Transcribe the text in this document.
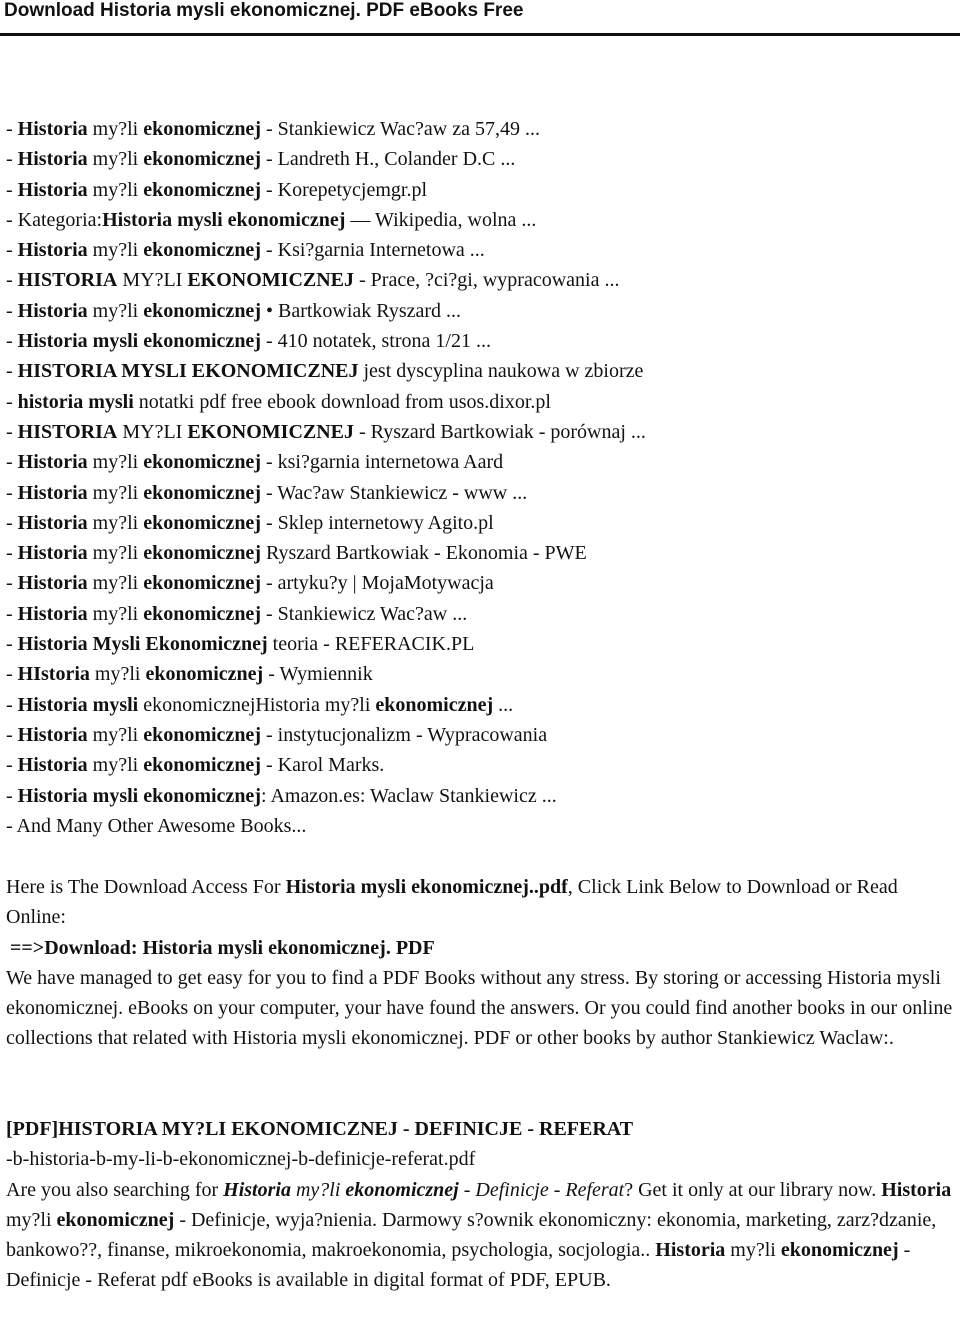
Download Historia mysli ekonomicznej. PDF eBooks Free
- Historia my?li ekonomicznej - Stankiewicz Wac?aw za 57,49 ...
- Historia my?li ekonomicznej - Landreth H., Colander D.C ...
- Historia my?li ekonomicznej - Korepetycjemgr.pl
- Kategoria:Historia mysli ekonomicznej — Wikipedia, wolna ...
- Historia my?li ekonomicznej - Ksi?garnia Internetowa ...
- HISTORIA MY?LI EKONOMICZNEJ - Prace, ?ci?gi, wypracowania ...
- Historia my?li ekonomicznej • Bartkowiak Ryszard ...
- Historia mysli ekonomicznej - 410 notatek, strona 1/21 ...
- HISTORIA MYSLI EKONOMICZNEJ jest dyscyplina naukowa w zbiorze
- historia mysli notatki pdf free ebook download from usos.dixor.pl
- HISTORIA MY?LI EKONOMICZNEJ - Ryszard Bartkowiak - porównaj ...
- Historia my?li ekonomicznej - ksi?garnia internetowa Aard
- Historia my?li ekonomicznej - Wac?aw Stankiewicz - www ...
- Historia my?li ekonomicznej - Sklep internetowy Agito.pl
- Historia my?li ekonomicznej Ryszard Bartkowiak - Ekonomia - PWE
- Historia my?li ekonomicznej - artyku?y | MojaMotywacja
- Historia my?li ekonomicznej - Stankiewicz Wac?aw ...
- Historia Mysli Ekonomicznej teoria - REFERACIK.PL
- HIstoria my?li ekonomicznej - Wymiennik
- Historia mysli ekonomicznejHistoria my?li ekonomicznej ...
- Historia my?li ekonomicznej - instytucjonalizm - Wypracowania
- Historia my?li ekonomicznej - Karol Marks.
- Historia mysli ekonomicznej: Amazon.es: Waclaw Stankiewicz ...
- And Many Other Awesome Books...
Here is The Download Access For Historia mysli ekonomicznej..pdf, Click Link Below to Download or Read Online:
==>Download: Historia mysli ekonomicznej. PDF
We have managed to get easy for you to find a PDF Books without any stress. By storing or accessing Historia mysli ekonomicznej. eBooks on your computer, your have found the answers. Or you could find another books in our online collections that related with Historia mysli ekonomicznej. PDF or other books by author Stankiewicz Waclaw:.
[PDF]HISTORIA MY?LI EKONOMICZNEJ - DEFINICJE - REFERAT
-b-historia-b-my-li-b-ekonomicznej-b-definicje-referat.pdf
Are you also searching for Historia my?li ekonomicznej - Definicje - Referat? Get it only at our library now. Historia my?li ekonomicznej - Definicje, wyja?nienia. Darmowy s?ownik ekonomiczny: ekonomia, marketing, zarz?dzanie, bankowo??, finanse, mikroekonomia, makroekonomia, psychologia, socjologia.. Historia my?li ekonomicznej - Definicje - Referat pdf eBooks is available in digital format of PDF, EPUB.
